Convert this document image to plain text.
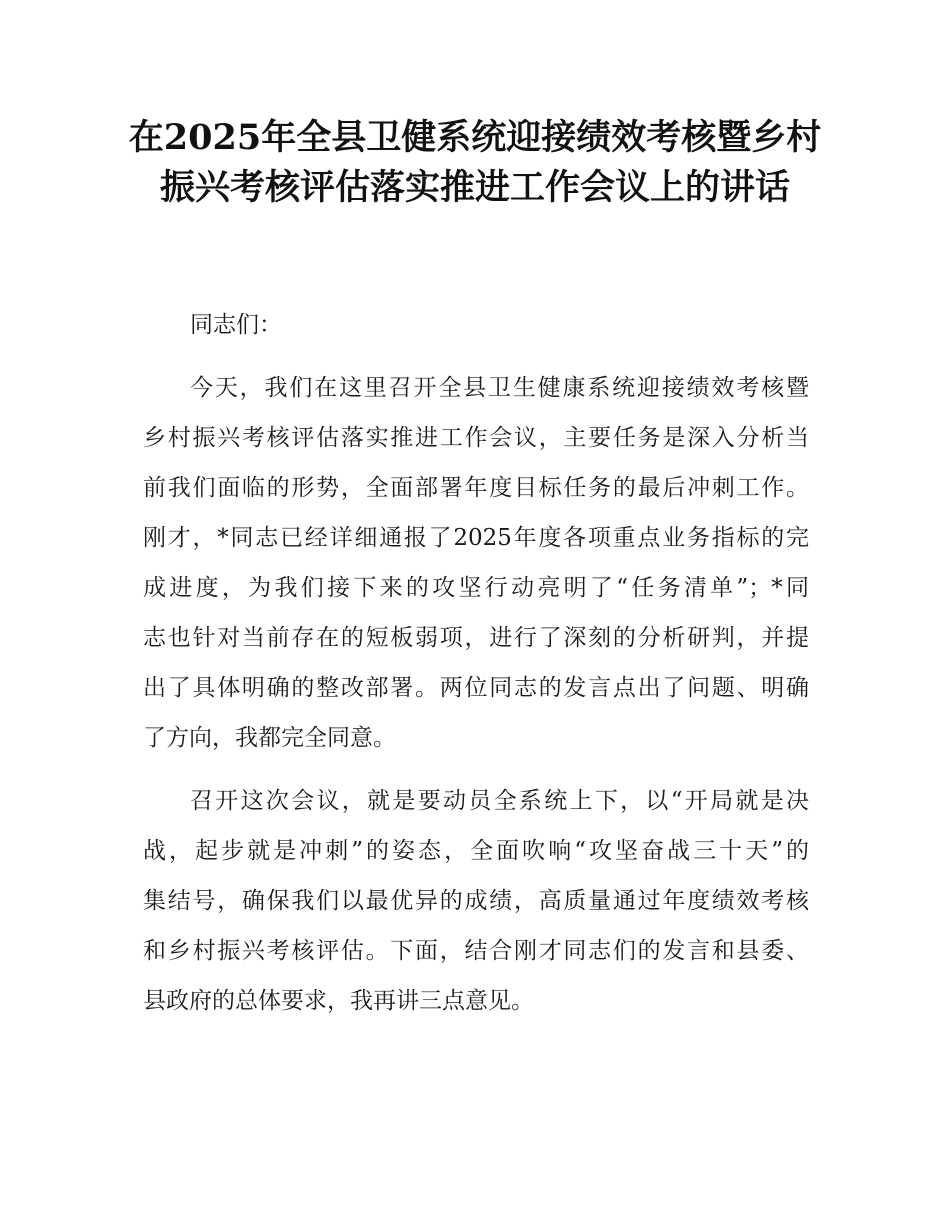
在2025年全县卫健系统迎接绩效考核暨乡村
振兴考核评估落实推进工作会议上的讲话
同志们：
今天，我们在这里召开全县卫生健康系统迎接绩效考核暨
乡村振兴考核评估落实推进工作会议，主要任务是深入分析当
前我们面临的形势，全面部署年度目标任务的最后冲刺工作。
刚才，*同志已经详细通报了2025年度各项重点业务指标的完
成进度，为我们接下来的攻坚行动亮明了“任务清单”；*同
志也针对当前存在的短板弱项，进行了深刻的分析研判，并提
出了具体明确的整改部署。两位同志的发言点出了问题、明确
了方向，我都完全同意。
召开这次会议，就是要动员全系统上下，以“开局就是决
战，起步就是冲刺”的姿态，全面吹响“攻坚奋战三十天”的
集结号，确保我们以最优异的成绩，高质量通过年度绩效考核
和乡村振兴考核评估。下面，结合刚才同志们的发言和县委、
县政府的总体要求，我再讲三点意见。
